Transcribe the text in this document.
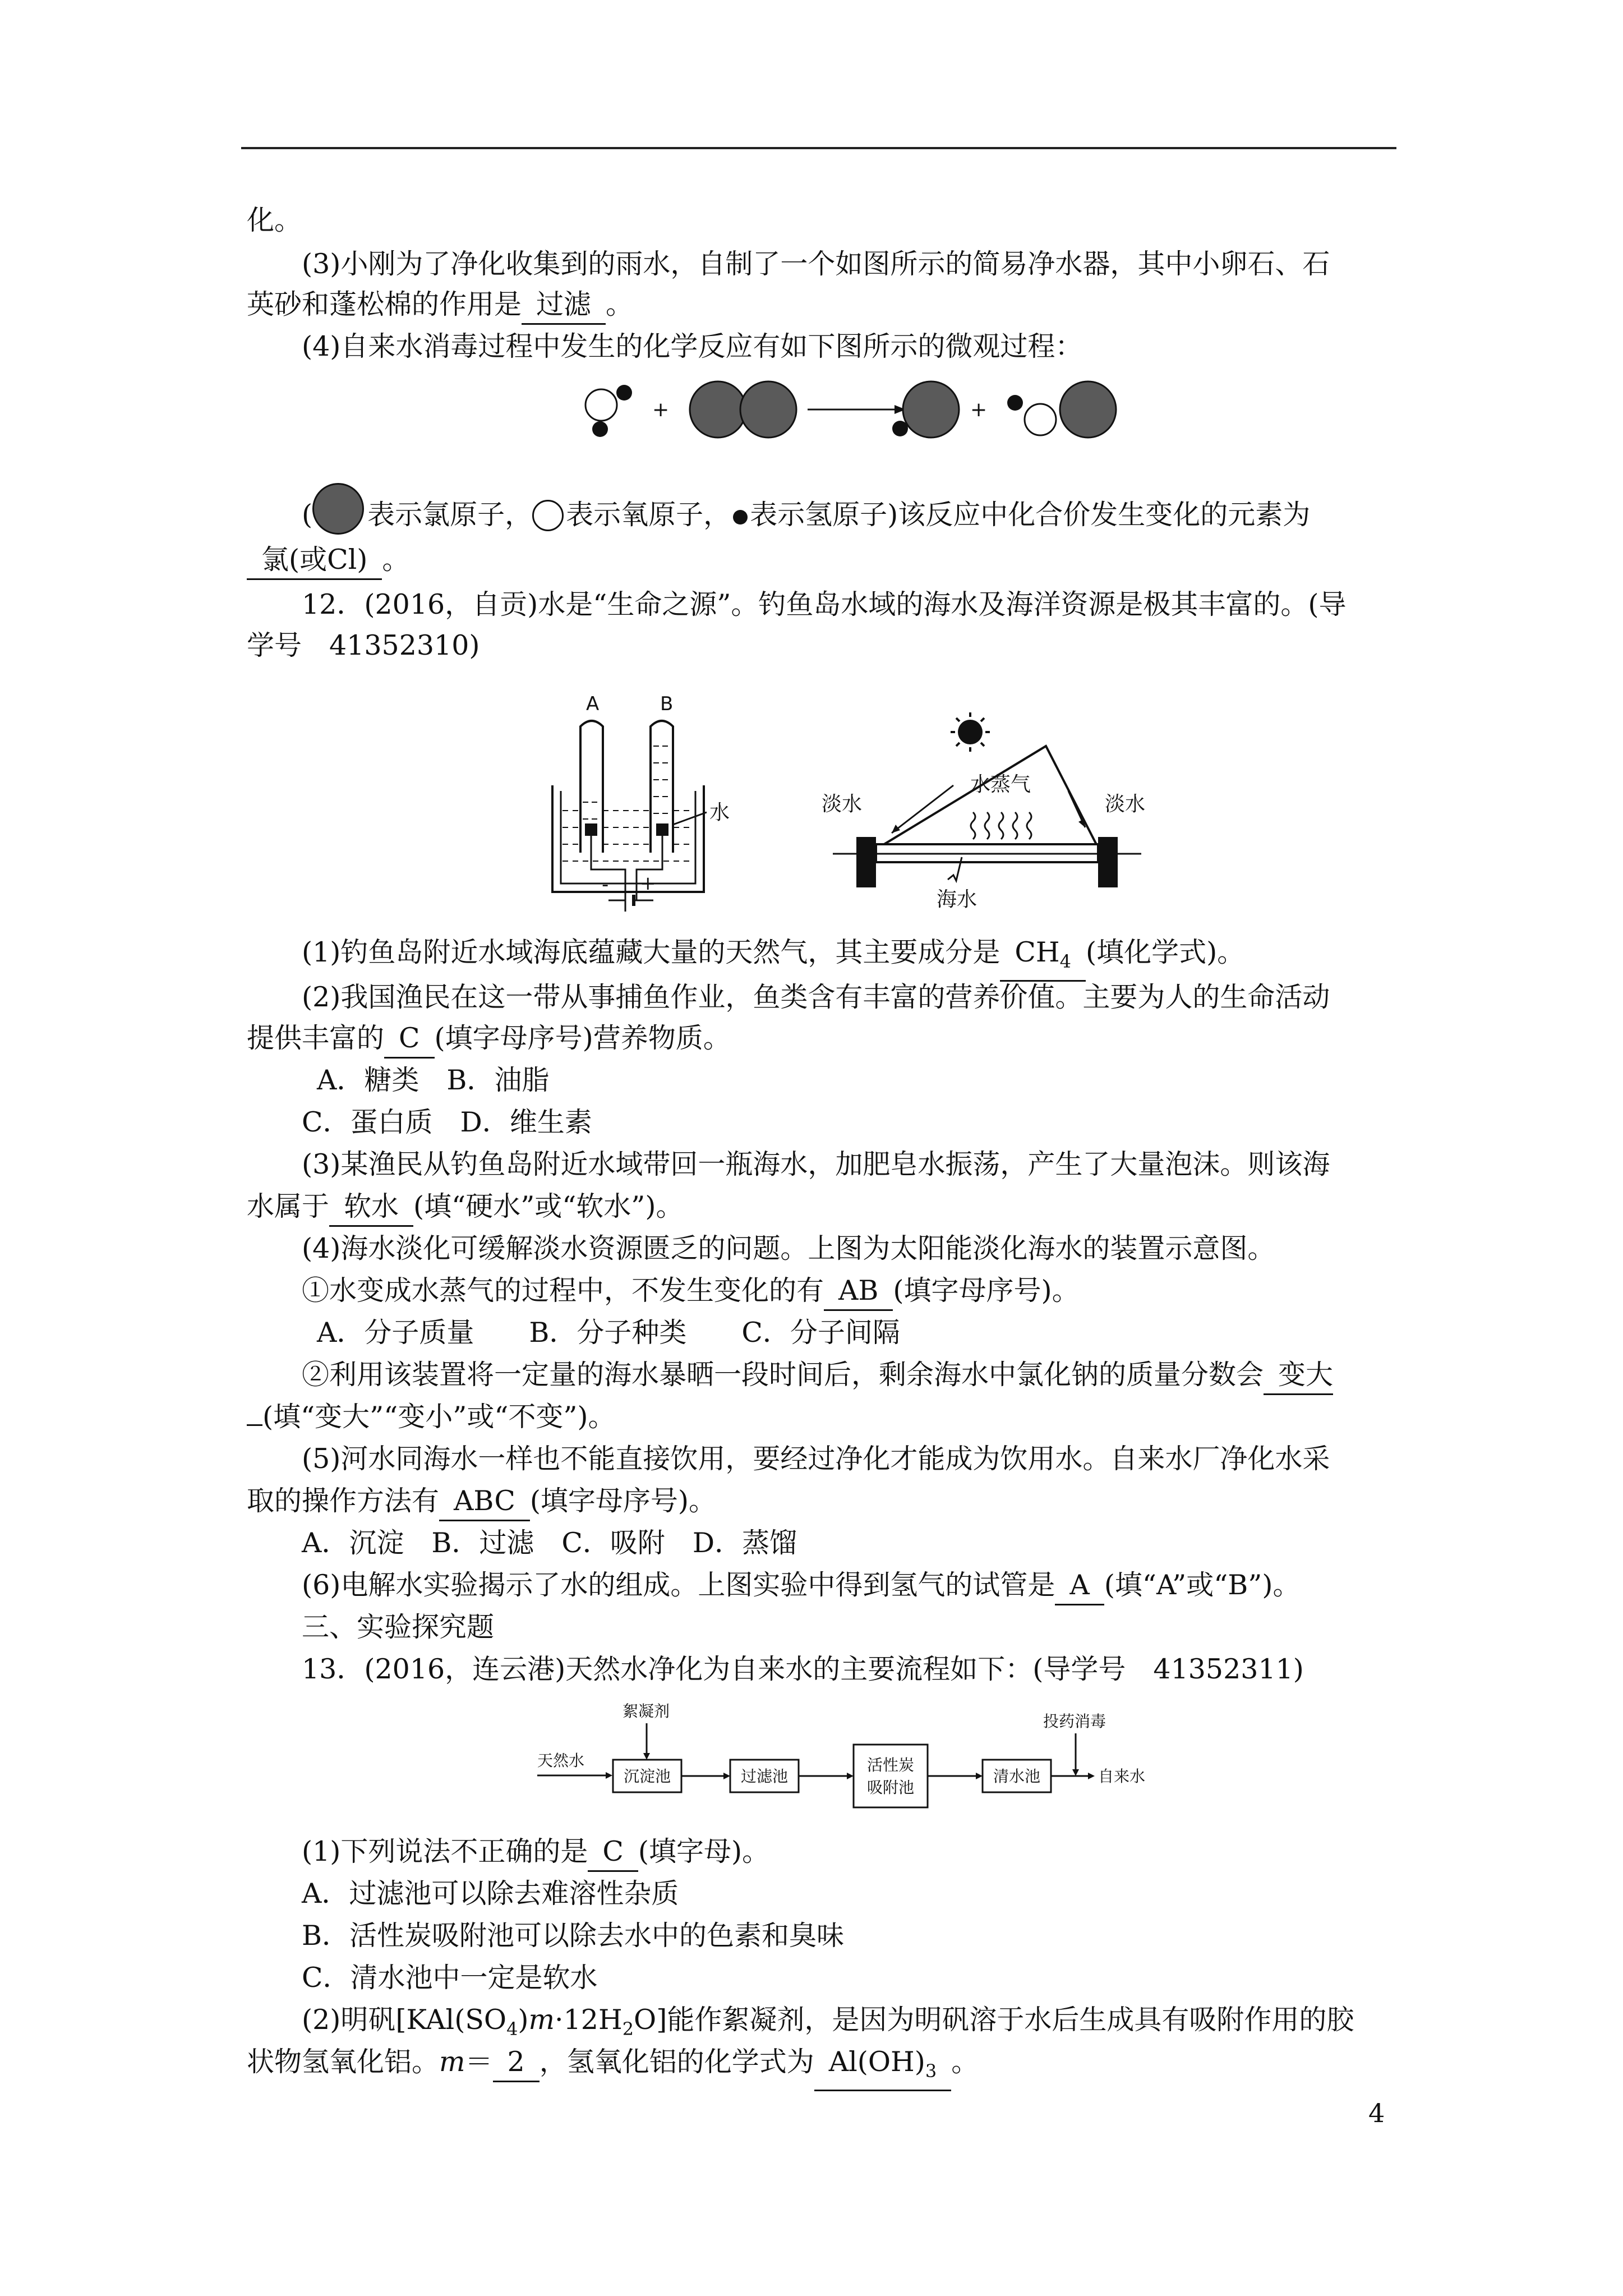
化。
(3)小刚为了净化收集到的雨水，自制了一个如图所示的简易净水器，其中小卵石、石
英砂和蓬松棉的作用是 过滤 。
(4)自来水消毒过程中发生的化学反应有如下图所示的微观过程：
+	+
( 表示氯原子， 表示氧原子， 表示氢原子)该反应中化合价发生变化的元素为
氯(或Cl) 。
12．(2016，自贡)水是“生命之源”。钓鱼岛水域的海水及海洋资源是极其丰富的。(导
学号　41352310)
A	B
- +
水	淡水
水蒸气
淡水
海水
(1)钓鱼岛附近水域海底蕴藏大量的天然气，其主要成分是 $CH_4$ (填化学式)。
(2)我国渔民在这一带从事捕鱼作业，鱼类含有丰富的营养价值。主要为人的生命活动
提供丰富的 C (填字母序号)营养物质。
A．糖类　B．油脂
C．蛋白质　D．维生素
(3)某渔民从钓鱼岛附近水域带回一瓶海水，加肥皂水振荡，产生了大量泡沫。则该海
水属于 软水 (填“硬水”或“软水”)。
(4)海水淡化可缓解淡水资源匮乏的问题。上图为太阳能淡化海水的装置示意图。
①水变成水蒸气的过程中，不发生变化的有 AB (填字母序号)。
A．分子质量　　B．分子种类　　C．分子间隔
②利用该装置将一定量的海水暴晒一段时间后，剩余海水中氯化钠的质量分数会 变大
(填“变大”“变小”或“不变”)。
(5)河水同海水一样也不能直接饮用，要经过净化才能成为饮用水。自来水厂净化水采
取的操作方法有 ABC (填字母序号)。
A．沉淀　B．过滤　C．吸附　D．蒸馏
(6)电解水实验揭示了水的组成。上图实验中得到氢气的试管是 A (填“A”或“B”)。
三、实验探究题
13．(2016，连云港)天然水净化为自来水的主要流程如下：(导学号　41352311)
天然水
絮凝剂
沉淀池	过滤池
活性炭
吸附池
清水池
投药消毒
自来水
(1)下列说法不正确的是 C (填字母)。
A．过滤池可以除去难溶性杂质
B．活性炭吸附池可以除去水中的色素和臭味
C．清水池中一定是软水
(2)明矾$[KAl(SO_4)m\cdot 12H_2O]$能作絮凝剂，是因为明矾溶于水后生成具有吸附作用的胶
状物氢氧化铝。m＝ 2 ，氢氧化铝的化学式为 $Al(OH)_3$ 。
4
